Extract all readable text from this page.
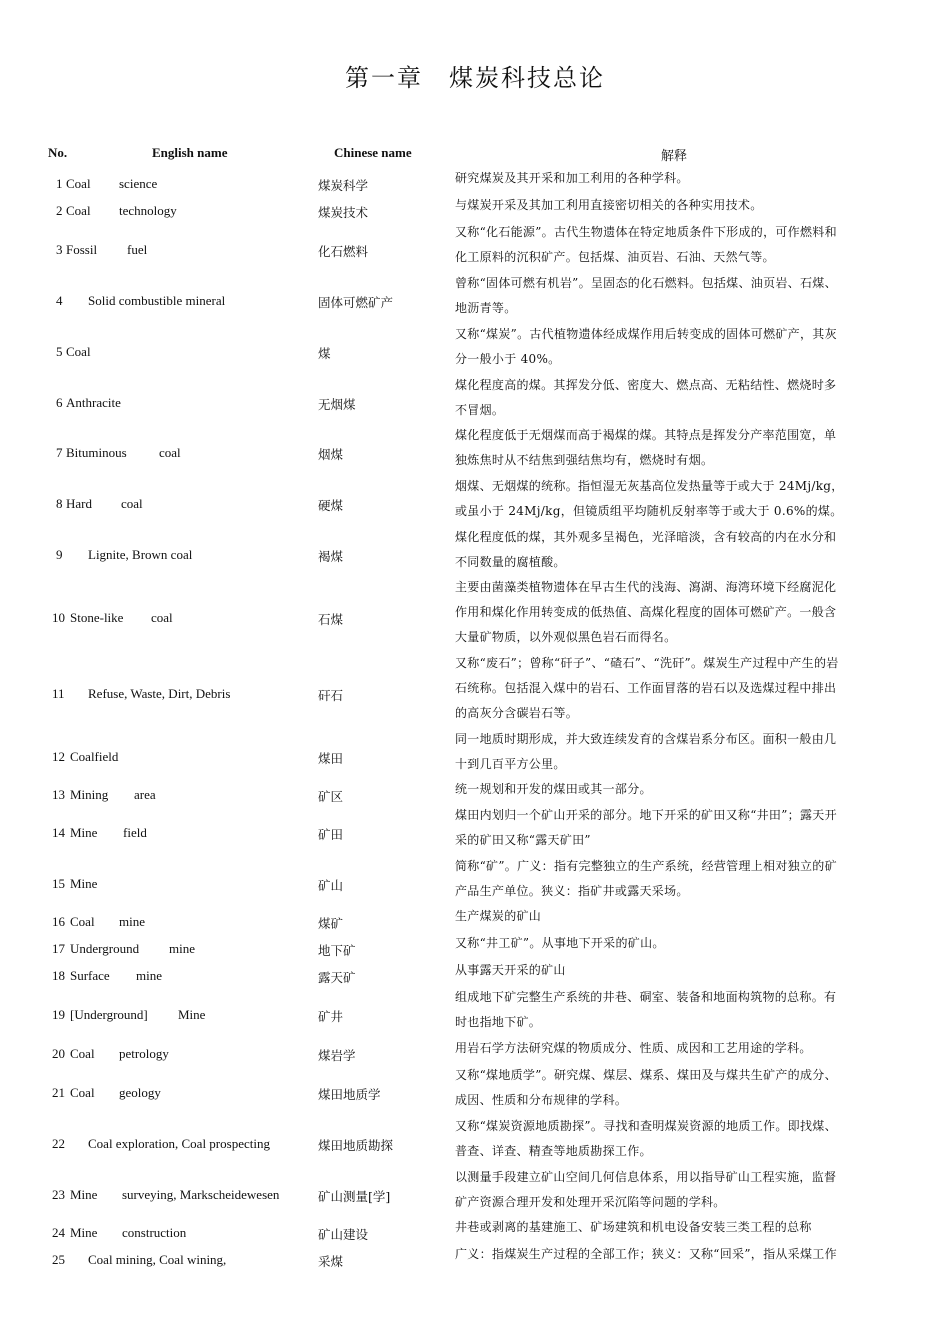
第一章　煤炭科技总论
No.	English name	Chinese name	解释
1 Coal science	煤炭科学	研究煤炭及其开采和加工利用的各种学科。
2 Coal technology	煤炭技术	与煤炭开采及其加工利用直接密切相关的各种实用技术。
3 Fossil fuel	化石燃料
又称“化石能源”。古代生物遗体在特定地质条件下形成的，可作燃料和
化工原料的沉积矿产。包括煤、油页岩、石油、天然气等。
4 Solid combustible mineral	固体可燃矿产
曾称“固体可燃有机岩”。呈固态的化石燃料。包括煤、油页岩、石煤、
地沥青等。
5 Coal	煤
又称“煤炭”。古代植物遗体经成煤作用后转变成的固体可燃矿产，其灰
分一般小于 40%。
6 Anthracite	无烟煤
煤化程度高的煤。其挥发分低、密度大、燃点高、无粘结性、燃烧时多
不冒烟。
7 Bituminous coal	烟煤
煤化程度低于无烟煤而高于褐煤的煤。其特点是挥发分产率范围宽，单
独炼焦时从不结焦到强结焦均有，燃烧时有烟。
8 Hard coal	硬煤
烟煤、无烟煤的统称。指恒湿无灰基高位发热量等于或大于 24Mj/kg，
或虽小于 24Mj/kg，但镜质组平均随机反射率等于或大于 0.6%的煤。
9 Lignite, Brown coal	褐煤
煤化程度低的煤，其外观多呈褐色，光泽暗淡，含有较高的内在水分和
不同数量的腐植酸。
10 Stone-like coal	石煤
主要由菌藻类植物遗体在早古生代的浅海、瀉湖、海湾环境下经腐泥化
作用和煤化作用转变成的低热值、高煤化程度的固体可燃矿产。一般含
大量矿物质，以外观似黑色岩石而得名。
11 Refuse, Waste, Dirt, Debris	矸石
又称“废石”；曾称“矸子”、“碴石”、“洗矸”。煤炭生产过程中产生的岩
石统称。包括混入煤中的岩石、工作面冒落的岩石以及选煤过程中排出
的高灰分含碳岩石等。
12 Coalfield	煤田
同一地质时期形成，并大致连续发育的含煤岩系分布区。面积一般由几
十到几百平方公里。
13 Mining area	矿区	统一规划和开发的煤田或其一部分。
14 Mine field	矿田
煤田内划归一个矿山开采的部分。地下开采的矿田又称“井田”；露天开
采的矿田又称“露天矿田”
15 Mine	矿山
简称“矿”。广义：指有完整独立的生产系统，经营管理上相对独立的矿
产品生产单位。狭义：指矿井或露天采场。
16 Coal mine	煤矿	生产煤炭的矿山
17 Underground mine	地下矿	又称“井工矿”。从事地下开采的矿山。
18 Surface mine	露天矿	从事露天开采的矿山
19 [Underground] Mine	矿井
组成地下矿完整生产系统的井巷、硐室、装备和地面构筑物的总称。有
时也指地下矿。
20 Coal petrology	煤岩学	用岩石学方法研究煤的物质成分、性质、成因和工艺用途的学科。
21 Coal geology	煤田地质学
又称“煤地质学”。研究煤、煤层、煤系、煤田及与煤共生矿产的成分、
成因、性质和分布规律的学科。
22 Coal exploration, Coal prospecting	煤田地质勘探
又称“煤炭资源地质勘探”。寻找和查明煤炭资源的地质工作。即找煤、
普查、详查、精查等地质勘探工作。
23 Mine surveying, Markscheidewesen	矿山测量[学]
以测量手段建立矿山空间几何信息体系，用以指导矿山工程实施，监督
矿产资源合理开发和处理开采沉陷等问题的学科。
24 Mine construction	矿山建设	井巷或剥离的基建施工、矿场建筑和机电设备安装三类工程的总称
25 Coal mining, Coal wining,	采煤	广义：指煤炭生产过程的全部工作；狭义：又称“回采”，指从采煤工作
